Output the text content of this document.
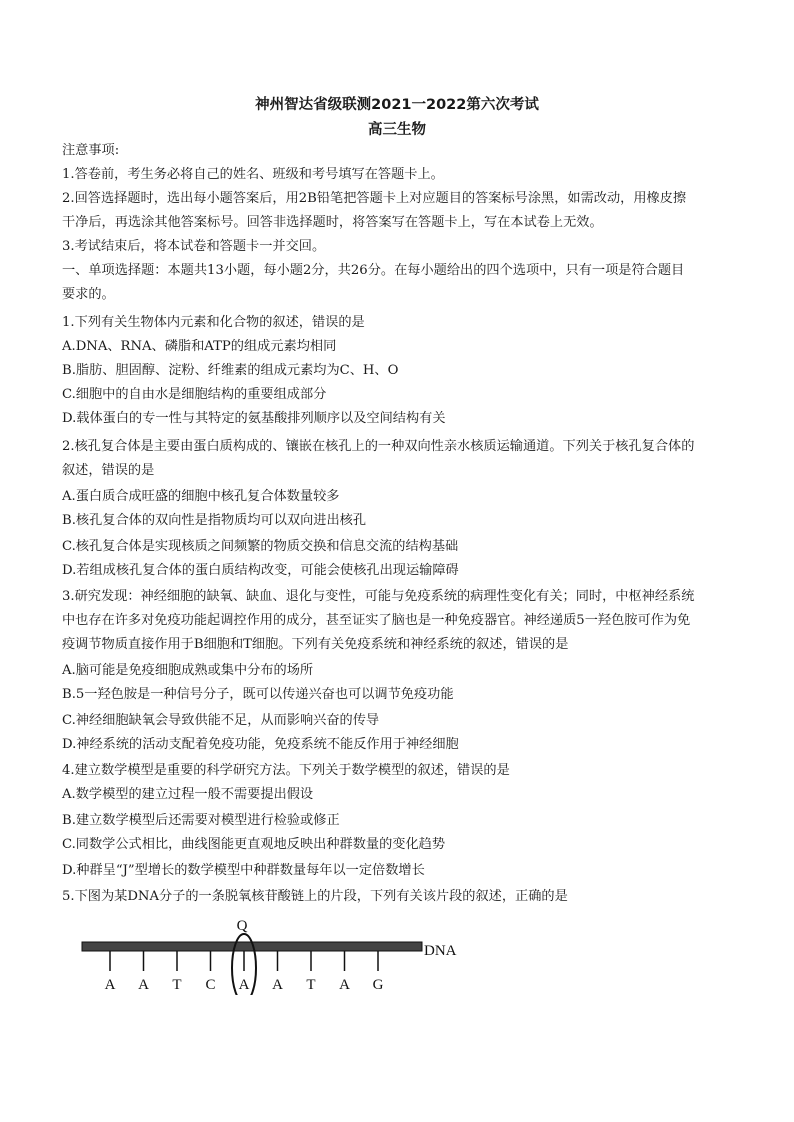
神州智达省级联测2021一2022第六次考试
高三生物
注意事项:
1.答卷前，考生务必将自己的姓名、班级和考号填写在答题卡上。
2.回答选择题时，选出每小题答案后，用2B铅笔把答题卡上对应题目的答案标号涂黑，如需改动，用橡皮擦
干净后，再选涂其他答案标号。回答非选择题时，将答案写在答题卡上，写在本试卷上无效。
3.考试结束后，将本试卷和答题卡一并交回。
一、单项选择题：本题共13小题，每小题2分，共26分。在每小题给出的四个选项中，只有一项是符合题目
要求的。
1.下列有关生物体内元素和化合物的叙述，错误的是
A.DNA、RNA、磷脂和ATP的组成元素均相同
B.脂肪、胆固醇、淀粉、纤维素的组成元素均为C、H、O
C.细胞中的自由水是细胞结构的重要组成部分
D.载体蛋白的专一性与其特定的氨基酸排列顺序以及空间结构有关
2.核孔复合体是主要由蛋白质构成的、镶嵌在核孔上的一种双向性亲水核质运输通道。下列关于核孔复合体的
叙述，错误的是
A.蛋白质合成旺盛的细胞中核孔复合体数量较多
B.核孔复合体的双向性是指物质均可以双向进出核孔
C.核孔复合体是实现核质之间频繁的物质交换和信息交流的结构基础
D.若组成核孔复合体的蛋白质结构改变，可能会使核孔出现运输障碍
3.研究发现：神经细胞的缺氧、缺血、退化与变性，可能与免疫系统的病理性变化有关；同时，中枢神经系统
中也存在许多对免疫功能起调控作用的成分，甚至证实了脑也是一种免疫器官。神经递质5一羟色胺可作为免
疫调节物质直接作用于B细胞和T细胞。下列有关免疫系统和神经系统的叙述，错误的是
A.脑可能是免疫细胞成熟或集中分布的场所
B.5一羟色胺是一种信号分子，既可以传递兴奋也可以调节免疫功能
C.神经细胞缺氧会导致供能不足，从而影响兴奋的传导
D.神经系统的活动支配着免疫功能，免疫系统不能反作用于神经细胞
4.建立数学模型是重要的科学研究方法。下列关于数学模型的叙述，错误的是
A.数学模型的建立过程一般不需要提出假设
B.建立数学模型后还需要对模型进行检验或修正
C.同数学公式相比，曲线图能更直观地反映出种群数量的变化趋势
D.种群呈“J”型增长的数学模型中种群数量每年以一定倍数增长
5.下图为某DNA分子的一条脱氧核苷酸链上的片段，下列有关该片段的叙述，正确的是
DNA
Q
A A T C A A T A G
